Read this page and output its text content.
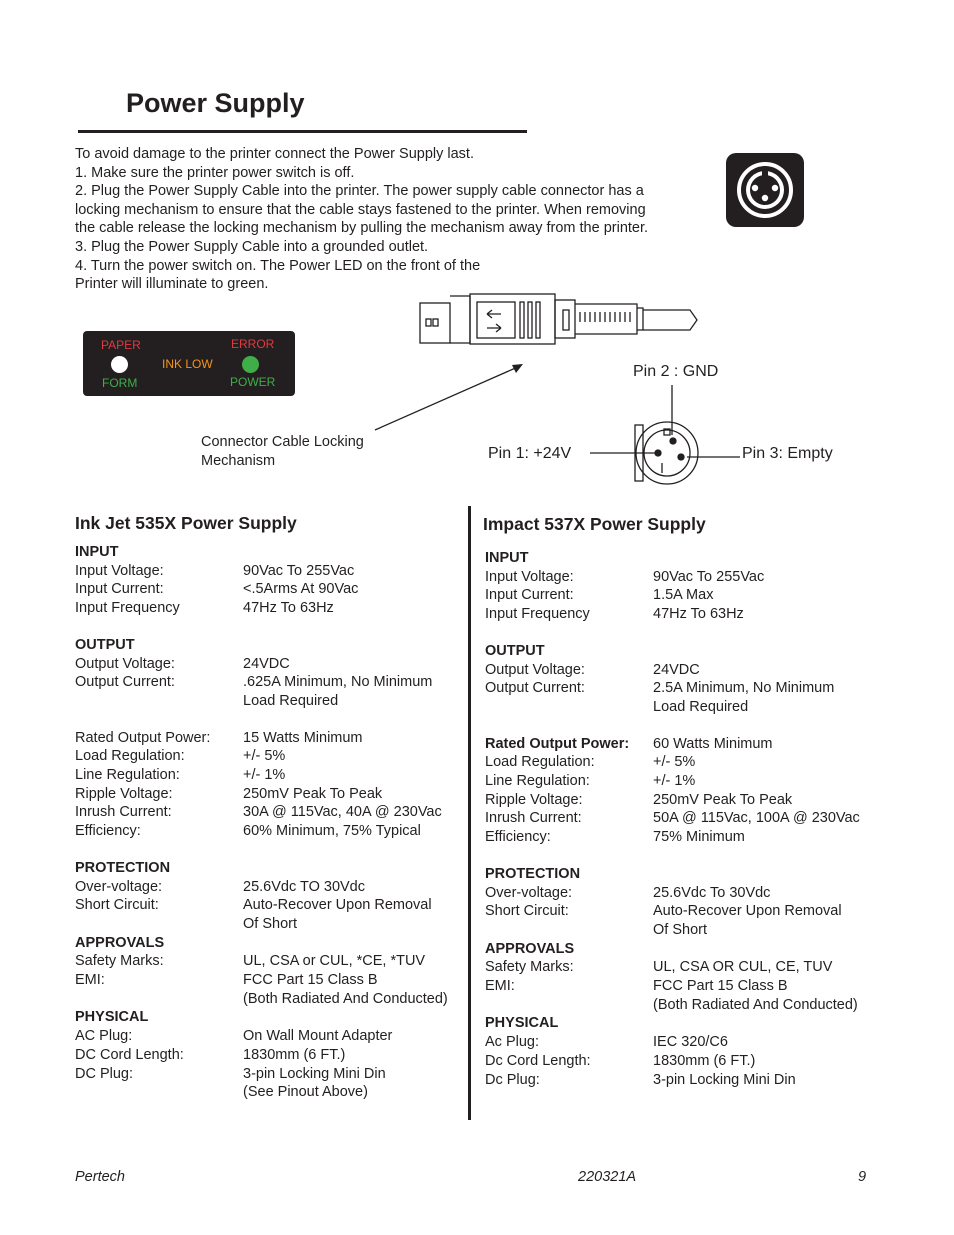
Power Supply
To avoid damage to the printer connect the Power Supply last.
1. Make sure the printer power switch is off.
2. Plug the Power Supply Cable into the printer. The power supply cable connector has a
locking mechanism to ensure that the cable stays fastened to the printer. When removing
the cable release the locking mechanism by pulling the mechanism away from the printer.
3. Plug the Power Supply Cable into a grounded outlet.
4. Turn the power switch on. The Power LED on the front of the
Printer will illuminate to green.
PAPER
FORM
INK LOW
ERROR
POWER
Connector Cable Locking
Mechanism
Pin 2 : GND
Pin 1: +24V	Pin 3: Empty
Ink Jet 535X Power Supply
INPUT
Input Voltage:	90Vac To 255Vac
Input Current:	<.5Arms At 90Vac
Input Frequency	47Hz To 63Hz
OUTPUT
Output Voltage:	24VDC
Output Current:	.625A Minimum, No Minimum
Load Required
Rated Output Power:	15 Watts Minimum
Load Regulation:	+/- 5%
Line Regulation:	+/- 1%
Ripple Voltage:	250mV Peak To Peak
Inrush Current:	30A @ 115Vac, 40A @ 230Vac
Efficiency:	60% Minimum, 75% Typical
PROTECTION
Over-voltage:	25.6Vdc TO 30Vdc
Short Circuit:	Auto-Recover Upon Removal
Of Short
APPROVALS
Safety Marks:	UL, CSA or CUL, *CE, *TUV
EMI:	FCC Part 15 Class B
(Both Radiated And Conducted)
PHYSICAL
AC Plug:	On Wall Mount Adapter
DC Cord Length:	1830mm (6 FT.)
DC Plug:	3-pin Locking Mini Din
(See Pinout Above)
Impact 537X Power Supply
INPUT
Input Voltage:	90Vac To 255Vac
Input Current:	1.5A Max
Input Frequency	47Hz To 63Hz
OUTPUT
Output Voltage:	24VDC
Output Current:	2.5A Minimum, No Minimum
Load Required
Rated Output Power:	60 Watts Minimum
Load Regulation:	+/- 5%
Line Regulation:	+/- 1%
Ripple Voltage:	250mV Peak To Peak
Inrush Current:	50A @ 115Vac, 100A @ 230Vac
Efficiency:	75% Minimum
PROTECTION
Over-voltage:	25.6Vdc To 30Vdc
Short Circuit:	Auto-Recover Upon Removal
Of Short
APPROVALS
Safety Marks:	UL, CSA OR CUL, CE, TUV
EMI:	FCC Part 15 Class B
(Both Radiated And Conducted)
PHYSICAL
Ac Plug:	IEC 320/C6
Dc Cord Length:	1830mm (6 FT.)
Dc Plug:	3-pin Locking Mini Din
Pertech	220321A	9
